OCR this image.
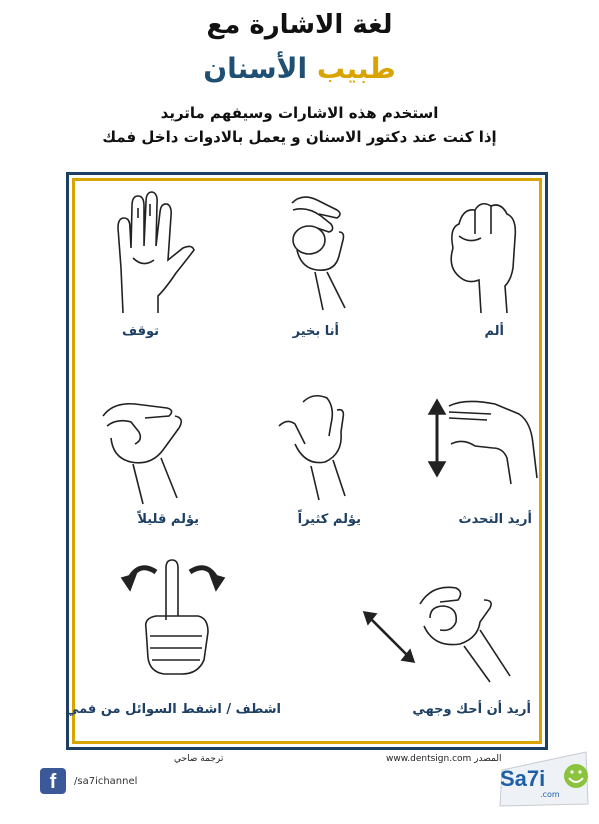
لغة الاشارة مع
طبيب الأسنان
استخدم هذه الاشارات وسيفهم ماتريد
إذا كنت عند دكتور الاسنان و يعمل بالادوات داخل فمك
توقف	أنا بخير	ألم
يؤلم قليلاً	يؤلم كثيراً	أريد التحدث
اشطف / اشفط السوائل من فمي	أريد أن أحك وجهي
ترجمة صاحي	www.dentsign.com المصدر
f	/sa7ichannel	Sa7i
.com
